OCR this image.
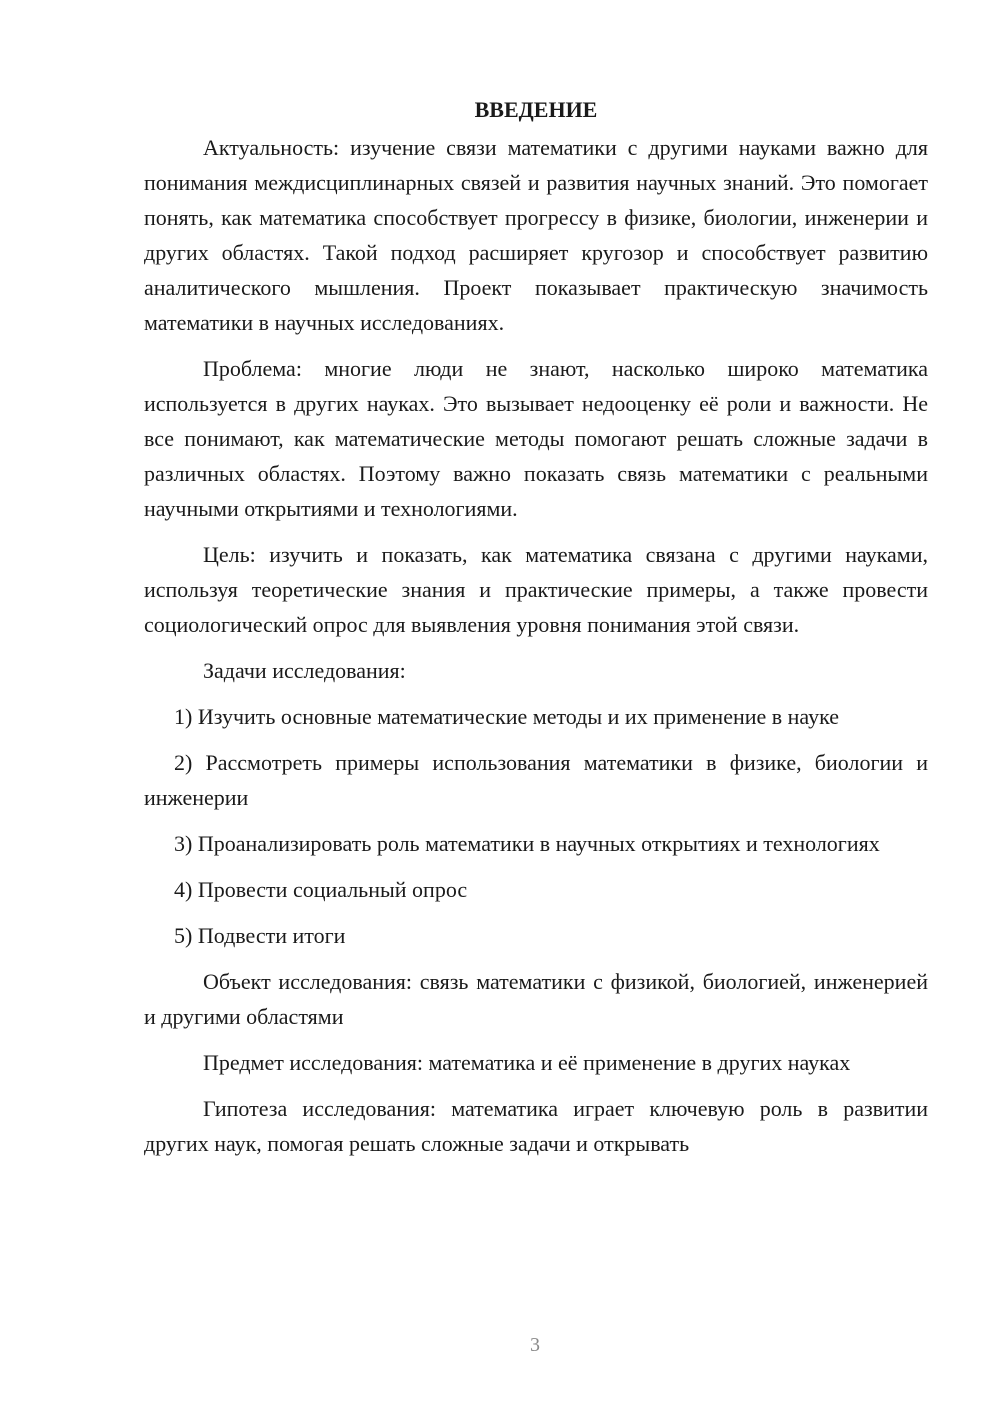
ВВЕДЕНИЕ

Актуальность: изучение связи математики с другими науками важно для понимания междисциплинарных связей и развития научных знаний. Это помогает понять, как математика способствует прогрессу в физике, биологии, инженерии и других областях. Такой подход расширяет кругозор и способствует развитию аналитического мышления. Проект показывает практическую значимость математики в научных исследованиях.

Проблема: многие люди не знают, насколько широко математика используется в других науках. Это вызывает недооценку её роли и важности. Не все понимают, как математические методы помогают решать сложные задачи в различных областях. Поэтому важно показать связь математики с реальными научными открытиями и технологиями.

Цель: изучить и показать, как математика связана с другими науками, используя теоретические знания и практические примеры, а также провести социологический опрос для выявления уровня понимания этой связи.

Задачи исследования:

1) Изучить основные математические методы и их применение в науке

2) Рассмотреть примеры использования математики в физике, биологии и инженерии

3) Проанализировать роль математики в научных открытиях и технологиях

4) Провести социальный опрос

5) Подвести итоги

Объект исследования: связь математики с физикой, биологией, инженерией и другими областями

Предмет исследования: математика и её применение в других науках

Гипотеза исследования: математика играет ключевую роль в развитии других наук, помогая решать сложные задачи и открывать

3
